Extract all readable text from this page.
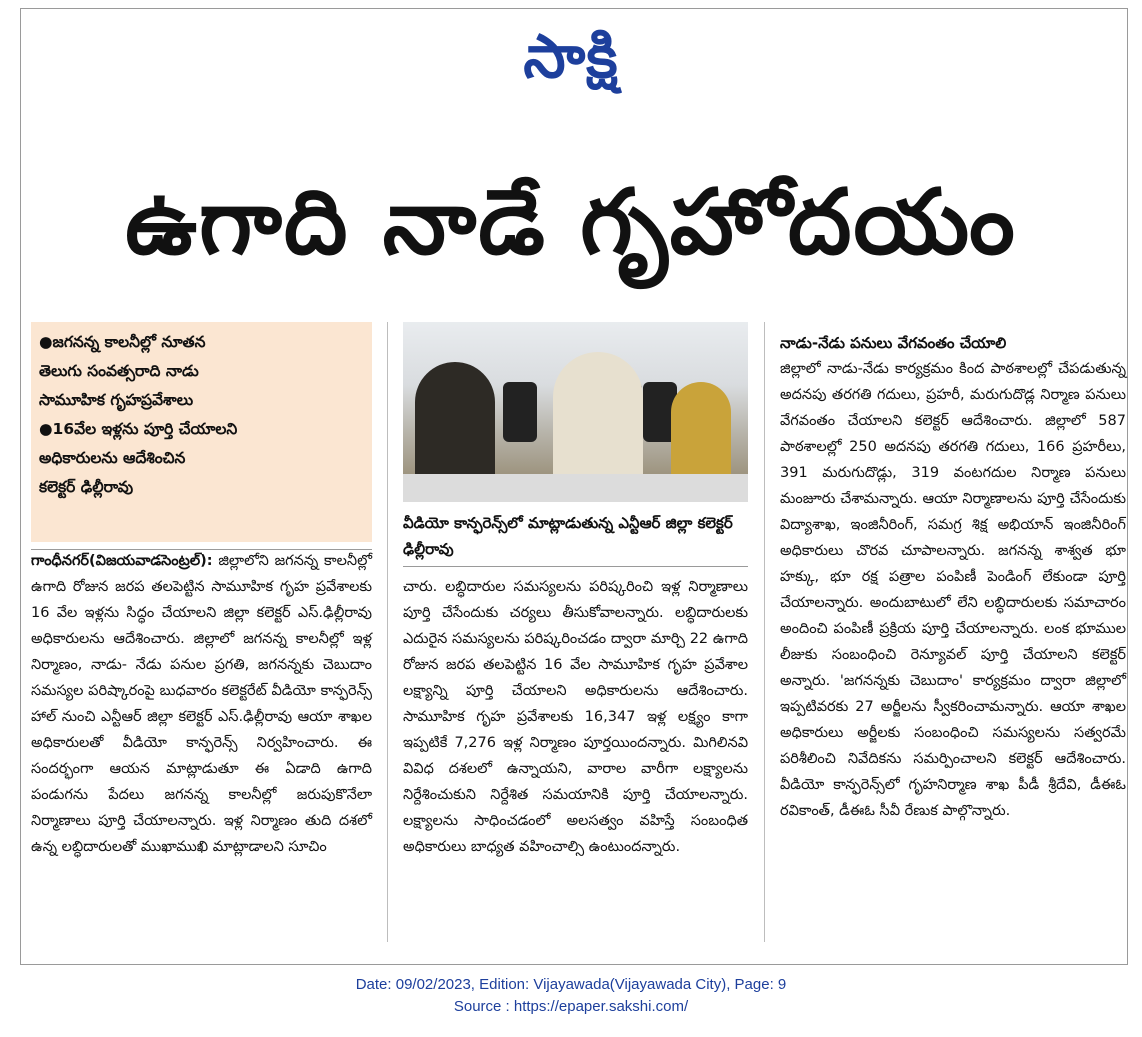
సాక్షి
ఉగాది నాడే గృహోదయం
●జగనన్న కాలనీల్లో నూతన
తెలుగు సంవత్సరాది నాడు
సామూహిక గృహప్రవేశాలు
●16వేల ఇళ్లను పూర్తి చేయాలని
అధికారులను ఆదేశించిన
కలెక్టర్‌ ఢిల్లీరావు
వీడియో కాన్ఫరెన్స్‌లో మాట్లాడుతున్న ఎన్టీఆర్‌ జిల్లా కలెక్టర్‌ ఢిల్లీరావు

గాంధీనగర్‌(విజయవాడసెంట్రల్‌): జిల్లాలోని జగనన్న కాలనీల్లో ఉగాది రోజున జరప తలపెట్టిన సామూహిక గృహ ప్రవేశాలకు 16 వేల ఇళ్లను సిద్ధం చేయాలని జిల్లా కలెక్టర్‌ ఎస్‌.ఢిల్లీరావు అధికారులను ఆదేశించారు. జిల్లాలో జగనన్న కాలనీల్లో ఇళ్ల నిర్మాణం, నాడు- నేడు పనుల ప్రగతి, జగనన్నకు చెబుదాం సమస్యల పరిష్కారంపై బుధవారం కలెక్టరేట్‌ వీడియో కాన్ఫరెన్స్‌ హాల్‌ నుంచి ఎన్టీఆర్‌ జిల్లా కలెక్టర్‌ ఎస్‌.ఢిల్లీరావు ఆయా శాఖల అధికారులతో వీడియో కాన్ఫరెన్స్‌ నిర్వహించారు. ఈ సందర్భంగా ఆయన మాట్లాడుతూ ఈ ఏడాది ఉగాది పండుగను పేదలు జగనన్న కాలనీల్లో జరుపుకొనేలా నిర్మాణాలు పూర్తి చేయాలన్నారు. ఇళ్ల నిర్మాణం తుది దశలో ఉన్న లబ్ధిదారులతో ముఖాముఖి మాట్లాడాలని సూచిం

చారు. లబ్ధిదారుల సమస్యలను పరిష్కరించి ఇళ్ల నిర్మాణాలు పూర్తి చేసేందుకు చర్యలు తీసుకోవాలన్నారు. లబ్ధిదారులకు ఎదురైన సమస్యలను పరిష్కరించడం ద్వారా మార్చి 22 ఉగాది రోజున జరప తలపెట్టిన 16 వేల సామూహిక గృహ ప్రవేశాల లక్ష్యాన్ని పూర్తి చేయాలని అధికారులను ఆదేశించారు. సామూహిక గృహ ప్రవేశాలకు 16,347 ఇళ్ల లక్ష్యం కాగా ఇప్పటికే 7,276 ఇళ్ల నిర్మాణం పూర్తయిందన్నారు. మిగిలినవి వివిధ దశలలో ఉన్నాయని, వారాల వారీగా లక్ష్యాలను నిర్దేశించుకుని నిర్దేశిత సమయానికి పూర్తి చేయాలన్నారు. లక్ష్యాలను సాధించడంలో అలసత్వం వహిస్తే సంబంధిత అధికారులు బాధ్యత వహించాల్సి ఉంటుందన్నారు.

నాడు-నేడు పనులు వేగవంతం చేయాలి

జిల్లాలో నాడు-నేడు కార్యక్రమం కింద పాఠశాలల్లో చేపడుతున్న అదనపు తరగతి గదులు, ప్రహరీ, మరుగుదొడ్ల నిర్మాణ పనులు వేగవంతం చేయాలని కలెక్టర్‌ ఆదేశించారు. జిల్లాలో 587 పాఠశాలల్లో 250 అదనపు తరగతి గదులు, 166 ప్రహరీలు, 391 మరుగుదొడ్లు, 319 వంటగదుల నిర్మాణ పనులు మంజూరు చేశామన్నారు. ఆయా నిర్మాణాలను పూర్తి చేసేందుకు విద్యాశాఖ, ఇంజినీరింగ్‌, సమగ్ర శిక్ష అభియాన్‌ ఇంజినీరింగ్‌ అధికారులు చొరవ చూపాలన్నారు. జగనన్న శాశ్వత భూ హక్కు, భూ రక్ష పత్రాల పంపిణీ పెండింగ్‌ లేకుండా పూర్తి చేయాలన్నారు. అందుబాటులో లేని లబ్ధిదారులకు సమాచారం అందించి పంపిణీ ప్రక్రియ పూర్తి చేయాలన్నారు. లంక భూముల లీజుకు సంబంధించి రెన్యూవల్‌ పూర్తి చేయాలని కలెక్టర్‌ అన్నారు. 'జగనన్నకు చెబుదాం' కార్యక్రమం ద్వారా జిల్లాలో ఇప్పటివరకు 27 అర్జీలను స్వీకరించామన్నారు. ఆయా శాఖల అధికారులు అర్జీలకు సంబంధించి సమస్యలను సత్వరమే పరిశీలించి నివేదికను సమర్పించాలని కలెక్టర్‌ ఆదేశించారు. వీడియో కాన్ఫరెన్స్‌లో గృహనిర్మాణ శాఖ పీడీ శ్రీదేవి, డీఈఓ రవికాంత్‌, డీఈఓ సీవీ రేణుక పాల్గొన్నారు.

Date: 09/02/2023, Edition: Vijayawada(Vijayawada City), Page: 9
Source : https://epaper.sakshi.com/
